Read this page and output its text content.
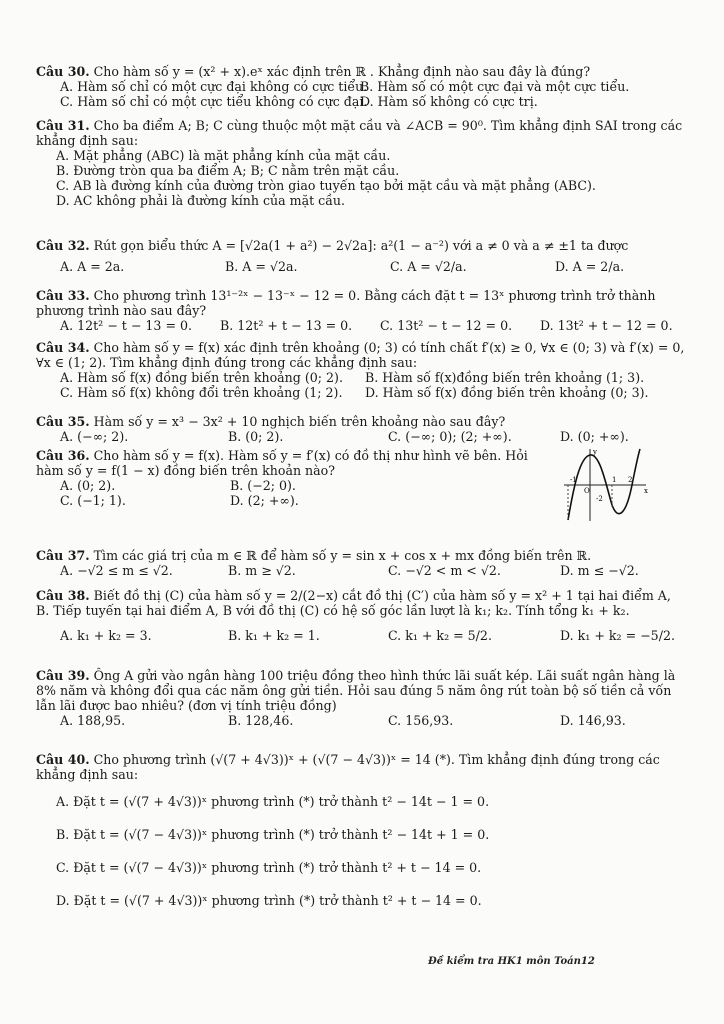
Câu 30. Cho hàm số y = (x² + x).eˣ xác định trên ℝ . Khẳng định nào sau đây là đúng?

A. Hàm số chỉ có một cực đại không có cực tiểu.
B. Hàm số có một cực đại và một cực tiểu.
C. Hàm số chỉ có một cực tiểu không có cực đại.
D. Hàm số không có cực trị.

Câu 31. Cho ba điểm A; B; C cùng thuộc một mặt cầu và ∠ACB = 90⁰. Tìm khẳng định SAI trong các khẳng định sau:

A. Mặt phẳng (ABC) là mặt phẳng kính của mặt cầu.
B. Đường tròn qua ba điểm A; B; C nằm trên mặt cầu.
C. AB là đường kính của đường tròn giao tuyến tạo bởi mặt cầu và mặt phẳng (ABC).
D. AC không phải là đường kính của mặt cầu.

Câu 32. Rút gọn biểu thức A = [√2a(1 + a²) − 2√2a]: a²(1 − a⁻²) với a ≠ 0 và a ≠ ±1 ta được

A. A = 2a.	B. A = √2a.	C. A = √2/a.	D. A = 2/a.

Câu 33. Cho phương trình 13¹⁻²ˣ − 13⁻ˣ − 12 = 0. Bằng cách đặt t = 13ˣ phương trình trở thành phương trình nào sau đây?

A. 12t² − t − 13 = 0.	B. 12t² + t − 13 = 0.	C. 13t² − t − 12 = 0.	D. 13t² + t − 12 = 0.

Câu 34. Cho hàm số y = f(x) xác định trên khoảng (0; 3) có tính chất f′(x) ≥ 0, ∀x ∈ (0; 3) và f′(x) = 0, ∀x ∈ (1; 2). Tìm khẳng định đúng trong các khẳng định sau:

A. Hàm số f(x) đồng biến trên khoảng (0; 2).	B. Hàm số f(x)đồng biến trên khoảng (1; 3).
C. Hàm số f(x) không đổi trên khoảng (1; 2).	D. Hàm số f(x) đồng biến trên khoảng (0; 3).

Câu 35. Hàm số y = x³ − 3x² + 10 nghịch biến trên khoảng nào sau đây?

A. (−∞; 2).	B. (0; 2).	C. (−∞; 0); (2; +∞).	D. (0; +∞).

Câu 36. Cho hàm số y = f(x). Hàm số y = f′(x) có đồ thị như hình vẽ bên. Hỏi hàm số y = f(1 − x) đồng biến trên khoản nào?

A. (0; 2).	B. (−2; 0).
C. (−1; 1).	D. (2; +∞).
-1
O
1 2
x
y
-2

Câu 37. Tìm các giá trị của m ∈ ℝ để hàm số y = sin x + cos x + mx đồng biến trên ℝ.

A. −√2 ≤ m ≤ √2.	B. m ≥ √2.	C. −√2 < m < √2.	D. m ≤ −√2.

Câu 38. Biết đồ thị (C) của hàm số y = 2/(2−x) cắt đồ thị (C′) của hàm số y = x² + 1 tại hai điểm A, B. Tiếp tuyến tại hai điểm A, B với đồ thị (C) có hệ số góc lần lượt là k₁; k₂. Tính tổng k₁ + k₂.

A. k₁ + k₂ = 3.	B. k₁ + k₂ = 1.	C. k₁ + k₂ = 5/2.	D. k₁ + k₂ = −5/2.

Câu 39. Ông A gửi vào ngân hàng 100 triệu đồng theo hình thức lãi suất kép. Lãi suất ngân hàng là 8% năm và không đổi qua các năm ông gửi tiền. Hỏi sau đúng 5 năm ông rút toàn bộ số tiền cả vốn lẫn lãi được bao nhiêu? (đơn vị tính triệu đồng)

A. 188,95.	B. 128,46.	C. 156,93.	D. 146,93.

Câu 40. Cho phương trình (√(7 + 4√3))ˣ + (√(7 − 4√3))ˣ = 14 (*). Tìm khẳng định đúng trong các khẳng định sau:

A. Đặt t = (√(7 + 4√3))ˣ phương trình (*) trở thành t² − 14t − 1 = 0.
B. Đặt t = (√(7 − 4√3))ˣ phương trình (*) trở thành t² − 14t + 1 = 0.
C. Đặt t = (√(7 − 4√3))ˣ phương trình (*) trở thành t² + t − 14 = 0.
D. Đặt t = (√(7 + 4√3))ˣ phương trình (*) trở thành t² + t − 14 = 0.
Đề kiểm tra HK1 môn Toán12
